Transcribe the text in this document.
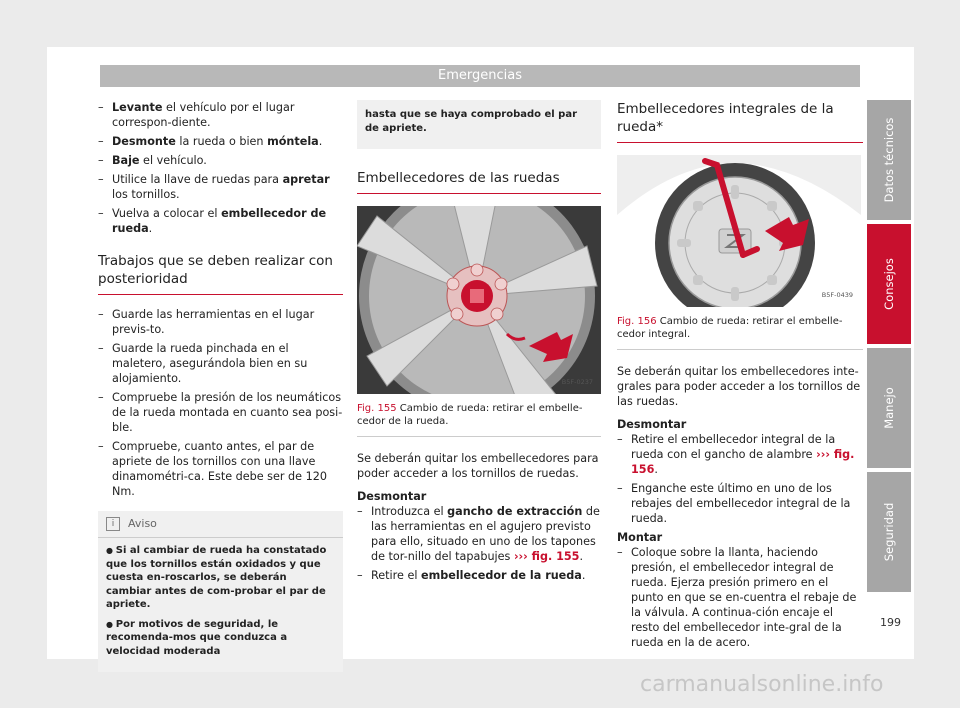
Emergencias
– Levante el vehículo por el lugar correspon-diente.
– Desmonte la rueda o bien móntela.
– Baje el vehículo.
– Utilice la llave de ruedas para apretar los tornillos.
– Vuelva a colocar el embellecedor de rueda.
Trabajos que se deben realizar con posterioridad
– Guarde las herramientas en el lugar previs-to.
– Guarde la rueda pinchada en el maletero, asegurándola bien en su alojamiento.
– Compruebe la presión de los neumáticos de la rueda montada en cuanto sea posi-ble.
– Compruebe, cuanto antes, el par de apriete de los tornillos con una llave dinamométri-ca. Este debe ser de 120 Nm.
i Aviso
● Si al cambiar de rueda ha constatado que los tornillos están oxidados y que cuesta en-roscarlos, se deberán cambiar antes de com-probar el par de apriete.
● Por motivos de seguridad, le recomenda-mos que conduzca a velocidad moderada
hasta que se haya comprobado el par de apriete.
Embellecedores de las ruedas
B5F-0237
Fig. 155 Cambio de rueda: retirar el embelle-cedor de la rueda.

Se deberán quitar los embellecedores para poder acceder a los tornillos de ruedas.

Desmontar
– Introduzca el gancho de extracción de las herramientas en el agujero previsto para ello, situado en uno de los tapones de tor-nillo del tapabujes ››› fig. 155.
– Retire el embellecedor de la rueda.
Embellecedores integrales de la rueda*
B5F-0439
Fig. 156 Cambio de rueda: retirar el embelle-cedor integral.

Se deberán quitar los embellecedores inte-grales para poder acceder a los tornillos de las ruedas.

Desmontar
– Retire el embellecedor integral de la rueda con el gancho de alambre ››› fig. 156.
– Enganche este último en uno de los rebajes del embellecedor integral de la rueda.
Montar
– Coloque sobre la llanta, haciendo presión, el embellecedor integral de rueda. Ejerza presión primero en el punto en que se en-cuentra el rebaje de la válvula. A continua-ción encaje el resto del embellecedor inte-gral de la rueda en la de acero.
Datos técnicos
Consejos
Manejo
Seguridad
199
carmanualsonline.info
